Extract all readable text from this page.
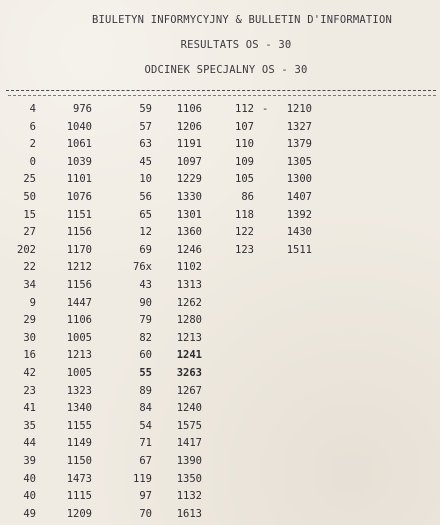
BIULETYN INFORMYCYJNY & BULLETIN D'INFORMATION
RESULTATS OS - 30
ODCINEK SPECJALNY OS - 30
4	976	59	1106	112 -	1210
6	1040	57	1206	107	1327
2	1061	63	1191	110	1379
0	1039	45	1097	109	1305
25	1101	10	1229	105	1300
50	1076	56	1330	86	1407
15	1151	65	1301	118	1392
27	1156	12	1360	122	1430
202	1170	69	1246	123	1511
22	1212	76x	1102
34	1156	43	1313
9	1447	90	1262
29	1106	79	1280
30	1005	82	1213
16	1213	60	1241
42	1005	55	3263
23	1323	89	1267
41	1340	84	1240
35	1155	54	1575
44	1149	71	1417
39	1150	67	1390
40	1473	119	1350
40	1115	97	1132
49	1209	70	1613
